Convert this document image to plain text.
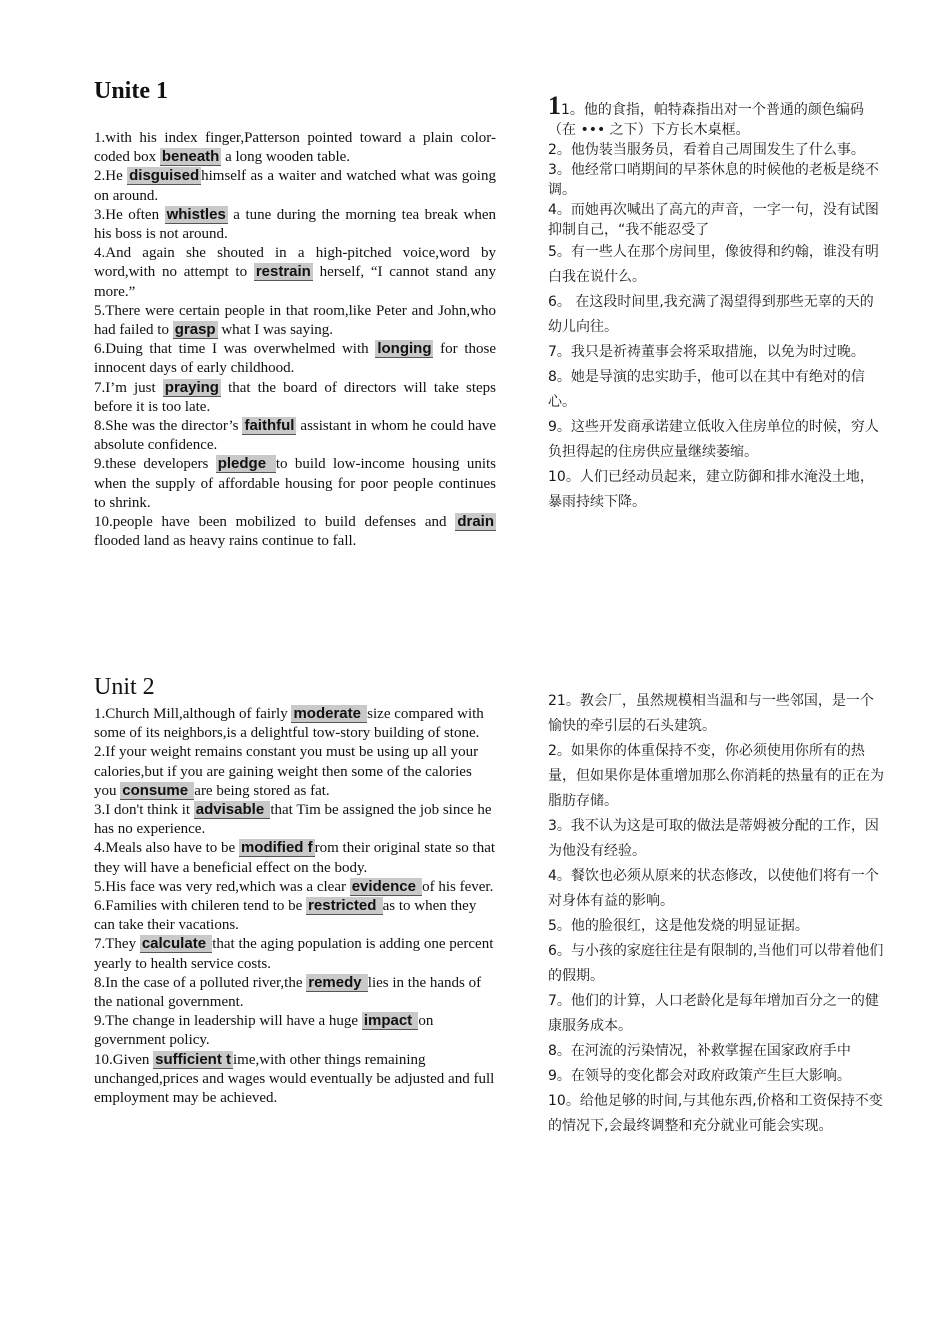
Unite 1

1.with his index finger,Patterson pointed toward a plain color-coded box beneath a long wooden table.

2.He disguised himself as a waiter and watched what was going on around.

3.He often whistles a tune during the morning tea break when his boss is not around.

4.And again she shouted in a high-pitched voice,word by word,with no attempt to restrain herself, “I cannot stand any more.”

5.There were certain people in that room,like Peter and John,who had failed to grasp what I was saying.

6.Duing that time I was overwhelmed with longing for those innocent days of early childhood.

7.I’m just praying that the board of directors will take steps before it is too late.

8.She was the director’s faithful assistant in whom he could have absolute confidence.

9.these developers pledge to build low-income housing units when the supply of affordable housing for poor people continues to shrink.

10.people have been mobilized to build defenses and drain flooded land as heavy rains continue to fall.

11。他的食指，帕特森指出对一个普通的颜色编码（在 ••• 之下）下方长木桌框。

2。他伪装当服务员，看着自己周围发生了什么事。3。他经常口哨期间的早茶休息的时候他的老板是绕不调。

4。而她再次喊出了高亢的声音，一字一句，没有试图抑制自己，“我不能忍受了

5。有一些人在那个房间里，像彼得和约翰，谁没有明白我在说什么。

6。 在这段时间里,我充满了渴望得到那些无辜的天的幼儿向往。

7。我只是祈祷董事会将采取措施，以免为时过晚。

8。她是导演的忠实助手，他可以在其中有绝对的信心。

9。这些开发商承诺建立低收入住房单位的时候，穷人负担得起的住房供应量继续萎缩。

10。人们已经动员起来，建立防御和排水淹没土地，

暴雨持续下降。

Unit 2

1.Church Mill,although of fairly moderate size compared with some of its neighbors,is a delightful tow-story building of stone.

2.If your weight remains constant you must be using up all your calories,but if you are gaining weight then some of the calories you consume are being stored as fat.

3.I don't think it advisable that Tim be assigned the job since he has no experience.

4.Meals also have to be modified f rom their original state so that they will have a beneficial effect on the body.

5.His face was very red,which was a clear evidence of his fever.

6.Families with chileren tend to be restricted as to when they can take their vacations.

7.They calculate that the aging population is adding one percent yearly to health service costs.

8.In the case of a polluted river,the remedy lies in the hands of the national government.

9.The change in leadership will have a huge impact on government policy.

10.Given sufficient t ime,with other things remaining unchanged,prices and wages would eventually be adjusted and full employment may be achieved.

21。教会厂，虽然规模相当温和与一些邻国，是一个愉快的牵引层的石头建筑。

2。如果你的体重保持不变，你必须使用你所有的热量，但如果你是体重增加那么你消耗的热量有的正在为脂肪存储。

3。我不认为这是可取的做法是蒂姆被分配的工作，因为他没有经验。

4。餐饮也必须从原来的状态修改，以使他们将有一个对身体有益的影响。

5。他的脸很红，这是他发烧的明显证据。

6。与小孩的家庭往往是有限制的,当他们可以带着他们的假期。

7。他们的计算，人口老龄化是每年增加百分之一的健康服务成本。

8。在河流的污染情况，补救掌握在国家政府手中

9。在领导的变化都会对政府政策产生巨大影响。

10。给他足够的时间,与其他东西,价格和工资保持不变的情况下,会最终调整和充分就业可能会实现。
